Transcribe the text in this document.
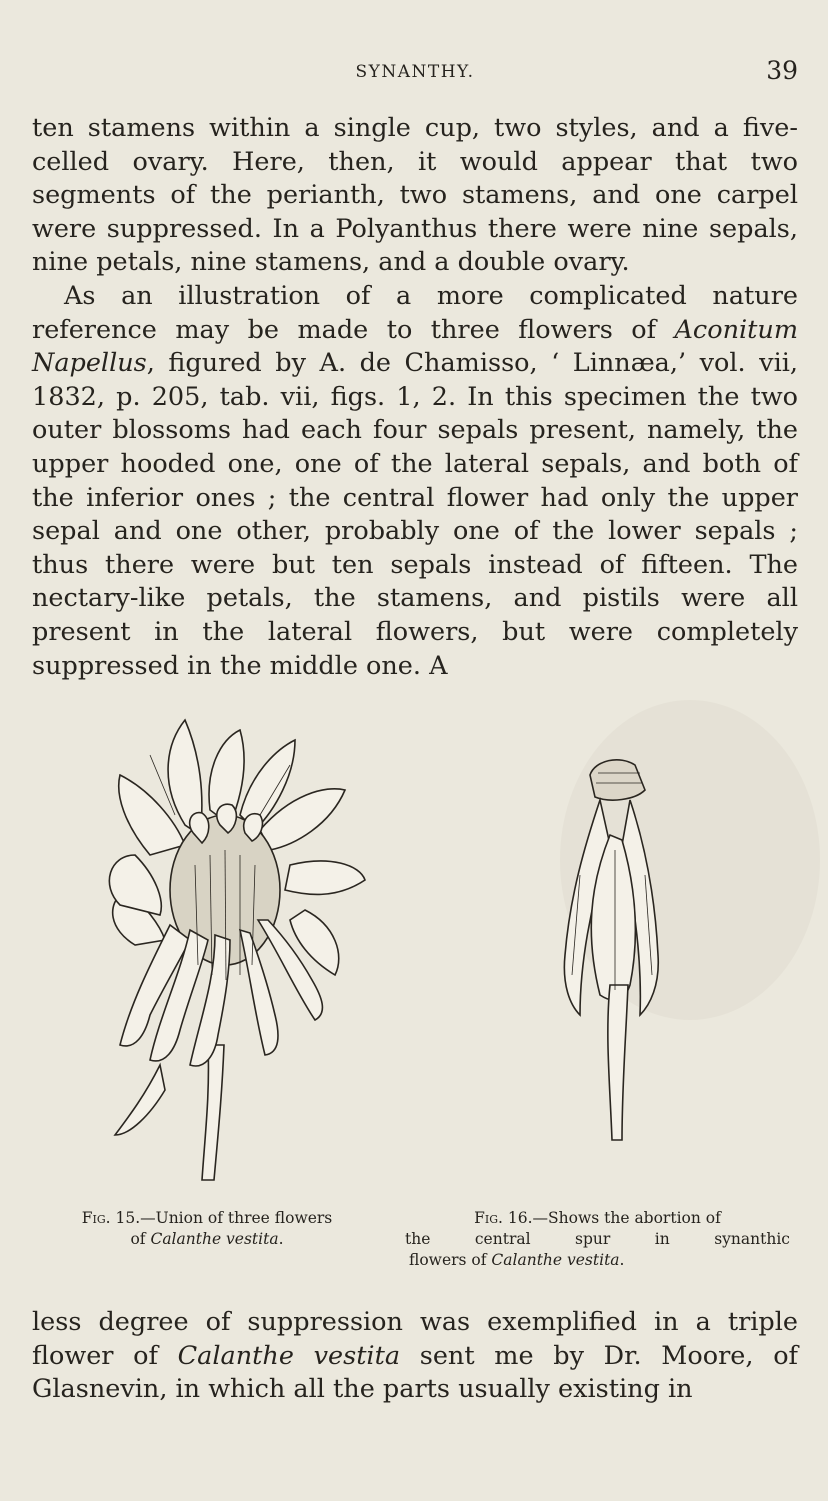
SYNANTHY.	39

ten stamens within a single cup, two styles, and a five-celled ovary. Here, then, it would appear that two segments of the perianth, two stamens, and one carpel were suppressed. In a Polyanthus there were nine sepals, nine petals, nine stamens, and a double ovary.

As an illustration of a more complicated nature reference may be made to three flowers of Aconitum Napellus, figured by A. de Chamisso, ‘ Linnæa,’ vol. vii, 1832, p. 205, tab. vii, figs. 1, 2. In this specimen the two outer blossoms had each four sepals present, namely, the upper hooded one, one of the lateral sepals, and both of the inferior ones ; the central flower had only the upper sepal and one other, probably one of the lower sepals ; thus there were but ten sepals instead of fifteen. The nectary-like petals, the stamens, and pistils were all present in the lateral flowers, but were completely suppressed in the middle one. A

Fig. 15.—Union of three flowers
of Calanthe vestita.
Fig. 16.—Shows the abortion of
the central spur in synanthic
flowers of Calanthe vestita.

less degree of suppression was exemplified in a triple flower of Calanthe vestita sent me by Dr. Moore, of Glasnevin, in which all the parts usually existing in
